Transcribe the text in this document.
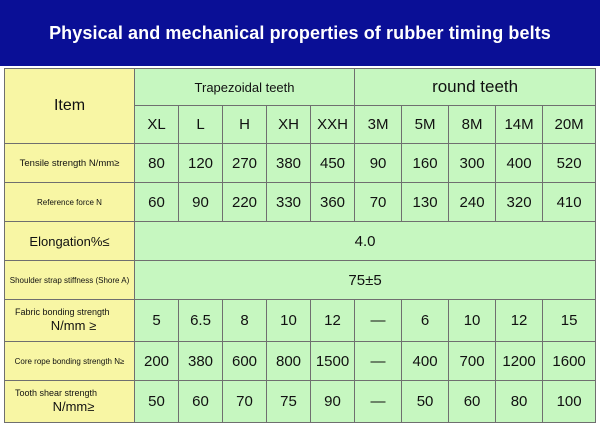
Physical and mechanical properties of rubber timing belts
Item	Trapezoidal teeth					round teeth				
	XL	L	H	XH	XXH	3M	5M	8M	14M	20M
Tensile strength N/mm≥	80	120	270	380	450	90	160	300	400	520
Reference force N	60	90	220	330	360	70	130	240	320	410
Elongation%≤	4.0									
Shoulder strap stiffness (Shore A)	75±5									

Fabric bonding strength
N/mm ≥	5	6.5	8	10	12	—	6	10	12	15
Core rope bonding strength N≥	200	380	600	800	1500	—	400	700	1200	1600

Tooth shear strength
N/mm≥	50	60	70	75	90	—	50	60	80	100
